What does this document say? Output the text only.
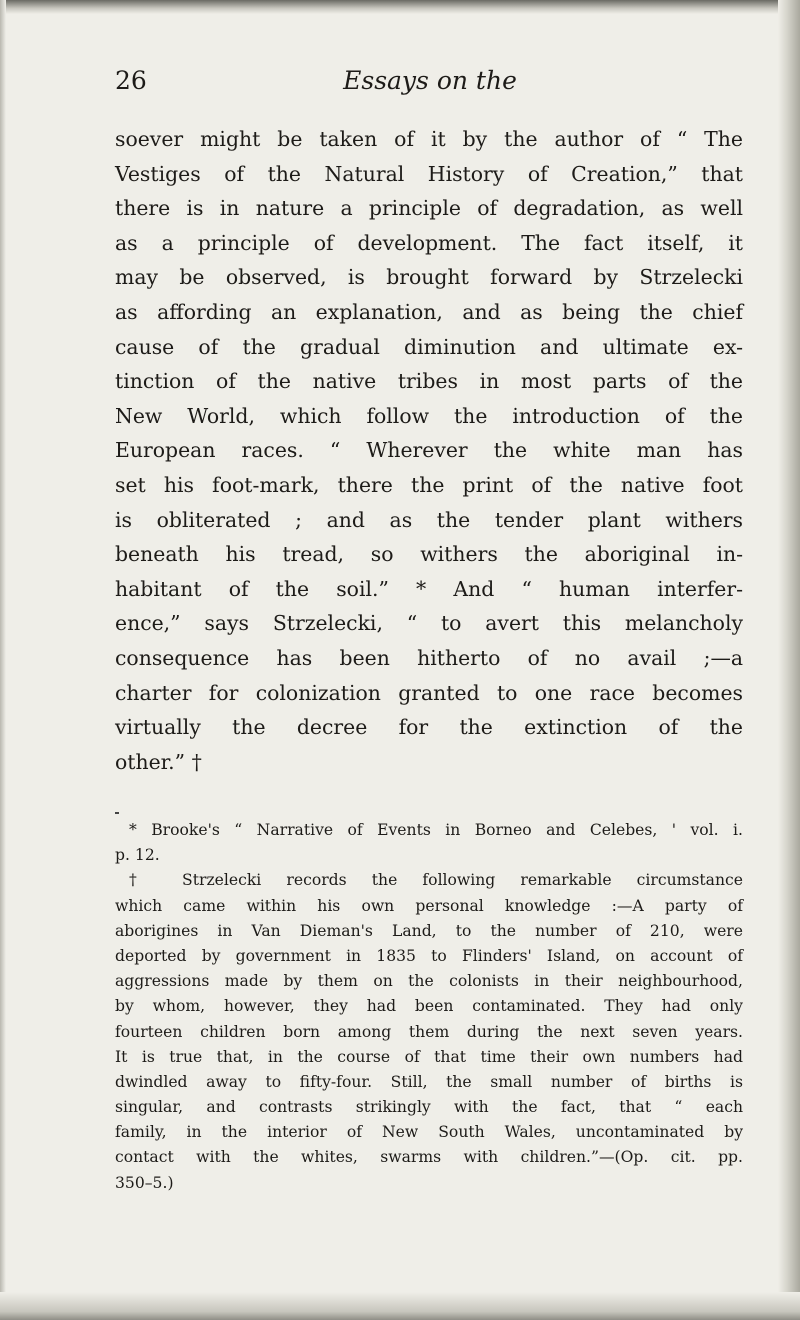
26	Essays on the
soever might be taken of it by the author of “ The
Vestiges of the Natural History of Creation,” that
there is in nature a principle of degradation, as well
as a principle of development. The fact itself, it
may be observed, is brought forward by Strzelecki
as affording an explanation, and as being the chief
cause of the gradual diminution and ultimate ex-
tinction of the native tribes in most parts of the
New World, which follow the introduction of the
European races. “ Wherever the white man has
set his foot-mark, there the print of the native foot
is obliterated ; and as the tender plant withers
beneath his tread, so withers the aboriginal in-
habitant of the soil.” * And “ human interfer-
ence,” says Strzelecki, “ to avert this melancholy
consequence has been hitherto of no avail ;—a
charter for colonization granted to one race becomes
virtually the decree for the extinction of the
other.” †
* Brooke's “ Narrative of Events in Borneo and Celebes, ' vol. i.
p. 12.
† Strzelecki records the following remarkable circumstance
which came within his own personal knowledge :—A party of
aborigines in Van Dieman's Land, to the number of 210, were
deported by government in 1835 to Flinders' Island, on account of
aggressions made by them on the colonists in their neighbourhood,
by whom, however, they had been contaminated. They had only
fourteen children born among them during the next seven years.
It is true that, in the course of that time their own numbers had
dwindled away to fifty-four. Still, the small number of births is
singular, and contrasts strikingly with the fact, that “ each
family, in the interior of New South Wales, uncontaminated by
contact with the whites, swarms with children.”—(Op. cit. pp.
350–5.)
